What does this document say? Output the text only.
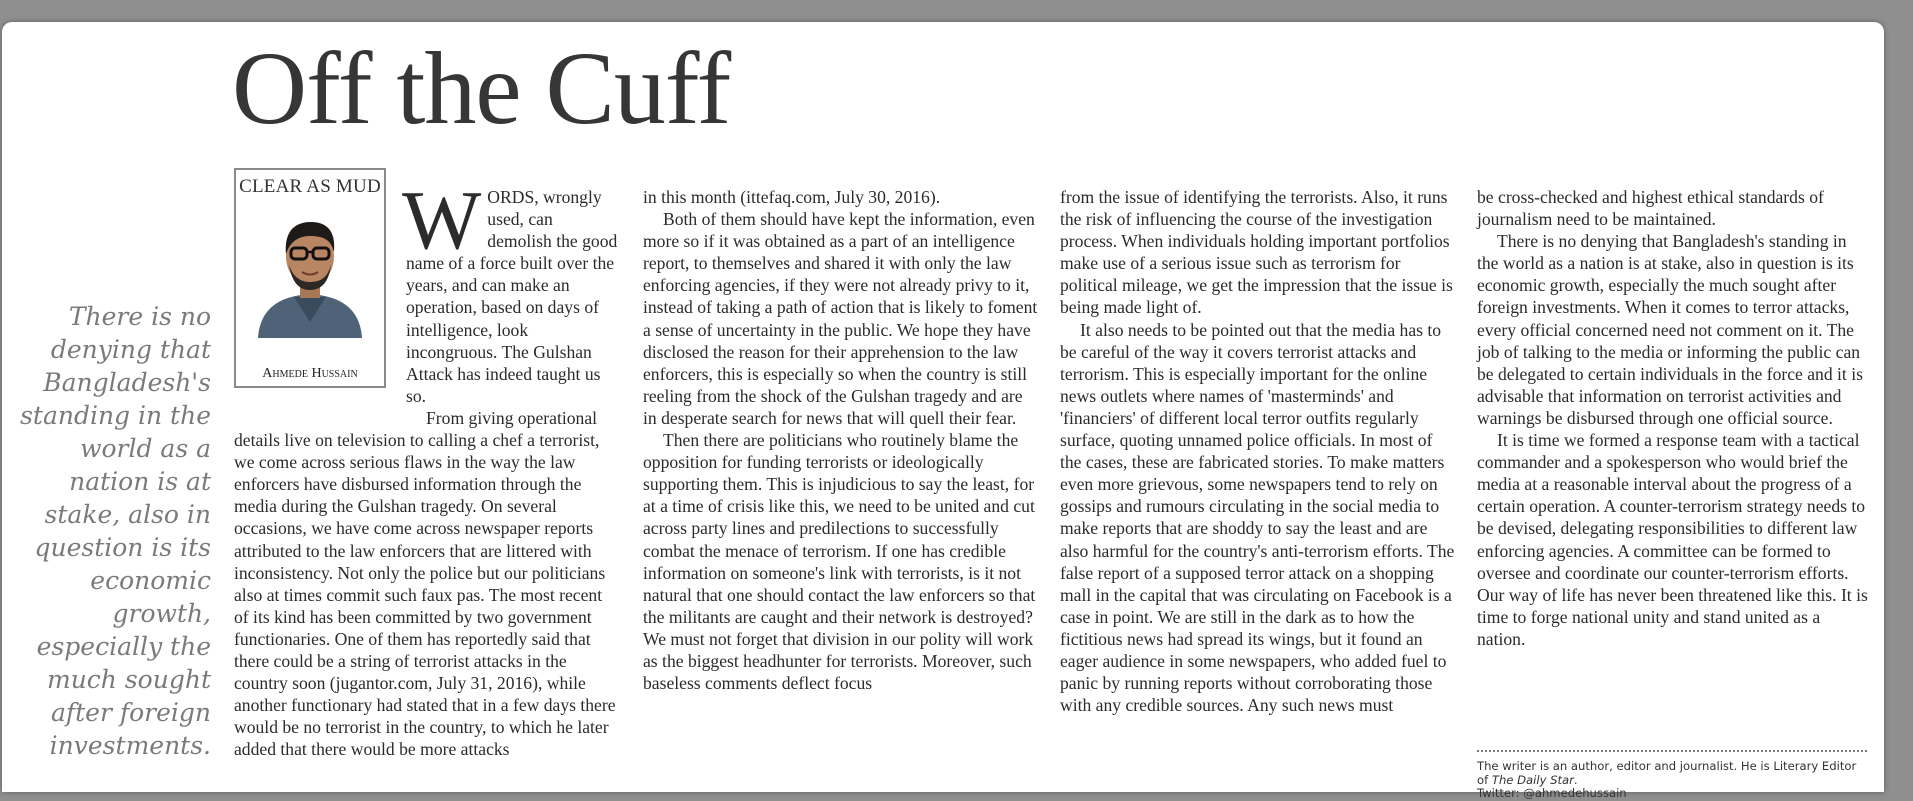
Off the Cuff

There is no denying that Bangladesh's standing in the world as a nation is at stake, also in question is its economic growth, especially the much sought after foreign investments.

CLEAR AS MUD
Ahmede Hussain

WORDS, wrongly used, can demolish the good name of a force built over the years, and can make an operation, based on days of intelligence, look incongruous. The Gulshan Attack has indeed taught us so.

From giving operational details live on television to calling a chef a terrorist, we come across serious flaws in the way the law enforcers have disbursed information through the media during the Gulshan tragedy. On several occasions, we have come across newspaper reports attributed to the law enforcers that are littered with inconsistency. Not only the police but our politicians also at times commit such faux pas. The most recent of its kind has been committed by two government functionaries. One of them has reportedly said that there could be a string of terrorist attacks in the country soon (jugantor.com, July 31, 2016), while another functionary had stated that in a few days there would be no terrorist in the country, to which he later added that there would be more attacks

in this month (ittefaq.com, July 30, 2016).

Both of them should have kept the information, even more so if it was obtained as a part of an intelligence report, to themselves and shared it with only the law enforcing agencies, if they were not already privy to it, instead of taking a path of action that is likely to foment a sense of uncertainty in the public. We hope they have disclosed the reason for their apprehension to the law enforcers, this is especially so when the country is still reeling from the shock of the Gulshan tragedy and are in desperate search for news that will quell their fear.

Then there are politicians who routinely blame the opposition for funding terrorists or ideologically supporting them. This is injudicious to say the least, for at a time of crisis like this, we need to be united and cut across party lines and predilections to successfully combat the menace of terrorism. If one has credible information on someone's link with terrorists, is it not natural that one should contact the law enforcers so that the militants are caught and their network is destroyed? We must not forget that division in our polity will work as the biggest headhunter for terrorists. Moreover, such baseless comments deflect focus

from the issue of identifying the terrorists. Also, it runs the risk of influencing the course of the investigation process. When individuals holding important portfolios make use of a serious issue such as terrorism for political mileage, we get the impression that the issue is being made light of.

It also needs to be pointed out that the media has to be careful of the way it covers terrorist attacks and terrorism. This is especially important for the online news outlets where names of 'masterminds' and 'financiers' of different local terror outfits regularly surface, quoting unnamed police officials. In most of the cases, these are fabricated stories. To make matters even more grievous, some newspapers tend to rely on gossips and rumours circulating in the social media to make reports that are shoddy to say the least and are also harmful for the country's anti-terrorism efforts. The false report of a supposed terror attack on a shopping mall in the capital that was circulating on Facebook is a case in point. We are still in the dark as to how the fictitious news had spread its wings, but it found an eager audience in some newspapers, who added fuel to panic by running reports without corroborating those with any credible sources. Any such news must

be cross-checked and highest ethical standards of journalism need to be maintained.

There is no denying that Bangladesh's standing in the world as a nation is at stake, also in question is its economic growth, especially the much sought after foreign investments. When it comes to terror attacks, every official concerned need not comment on it. The job of talking to the media or informing the public can be delegated to certain individuals in the force and it is advisable that information on terrorist activities and warnings be disbursed through one official source.

It is time we formed a response team with a tactical commander and a spokesperson who would brief the media at a reasonable interval about the progress of a certain operation. A counter-terrorism strategy needs to be devised, delegating responsibilities to different law enforcing agencies. A committee can be formed to oversee and coordinate our counter-terrorism efforts. Our way of life has never been threatened like this. It is time to forge national unity and stand united as a nation.

The writer is an author, editor and journalist. He is Literary Editor of The Daily Star.

Twitter: @ahmedehussain
